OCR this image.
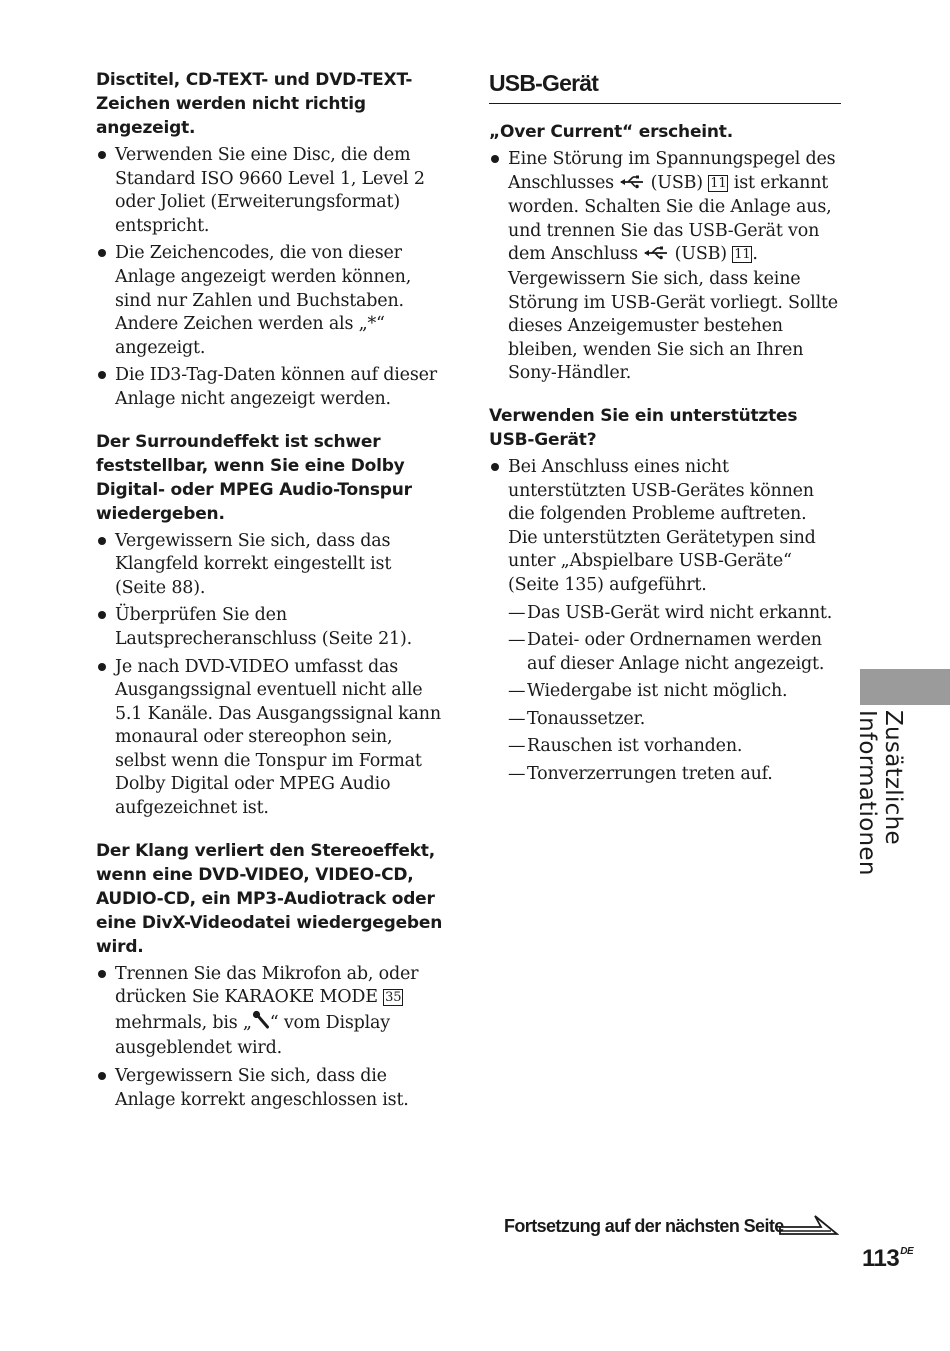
Disctitel, CD-TEXT- und DVD-TEXT-Zeichen werden nicht richtig angezeigt.

Verwenden Sie eine Disc, die dem Standard ISO 9660 Level 1, Level 2 oder Joliet (Erweiterungsformat) entspricht.
Die Zeichencodes, die von dieser Anlage angezeigt werden können, sind nur Zahlen und Buchstaben. Andere Zeichen werden als „*“ angezeigt.
Die ID3-Tag-Daten können auf dieser Anlage nicht angezeigt werden.

Der Surroundeffekt ist schwer feststellbar, wenn Sie eine Dolby Digital- oder MPEG Audio-Tonspur wiedergeben.

Vergewissern Sie sich, dass das Klangfeld korrekt eingestellt ist (Seite 88).
Überprüfen Sie den Lautsprecheranschluss (Seite 21).
Je nach DVD-VIDEO umfasst das Ausgangssignal eventuell nicht alle 5.1 Kanäle. Das Ausgangssignal kann monaural oder stereophon sein, selbst wenn die Tonspur im Format Dolby Digital oder MPEG Audio aufgezeichnet ist.

Der Klang verliert den Stereoeffekt, wenn eine DVD-VIDEO, VIDEO-CD, AUDIO-CD, ein MP3-Audiotrack oder eine DivX-Videodatei wiedergegeben wird.

Trennen Sie das Mikrofon ab, oder drücken Sie KARAOKE MODE 35 mehrmals, bis „ “ vom Display ausgeblendet wird.
Vergewissern Sie sich, dass die Anlage korrekt angeschlossen ist.
USB-Gerät

„Over Current“ erscheint.

Eine Störung im Spannungspegel des Anschlusses  (USB) 11 ist erkannt worden. Schalten Sie die Anlage aus, und trennen Sie das USB-Gerät von dem Anschluss  (USB) 11 . Vergewissern Sie sich, dass keine Störung im USB-Gerät vorliegt. Sollte dieses Anzeigemuster bestehen bleiben, wenden Sie sich an Ihren Sony-Händler.

Verwenden Sie ein unterstütztes USB-Gerät?

Bei Anschluss eines nicht unterstützten USB-Gerätes können die folgenden Probleme auftreten. Die unterstützten Gerätetypen sind unter „Abspielbare USB-Geräte“ (Seite 135) aufgeführt.
— Das USB-Gerät wird nicht erkannt.
— Datei- oder Ordnernamen werden auf dieser Anlage nicht angezeigt.
— Wiedergabe ist nicht möglich.
— Tonaussetzer.
— Rauschen ist vorhanden.
— Tonverzerrungen treten auf.	Zusätzliche Informationen
Fortsetzung auf der nächsten Seite
113DE
